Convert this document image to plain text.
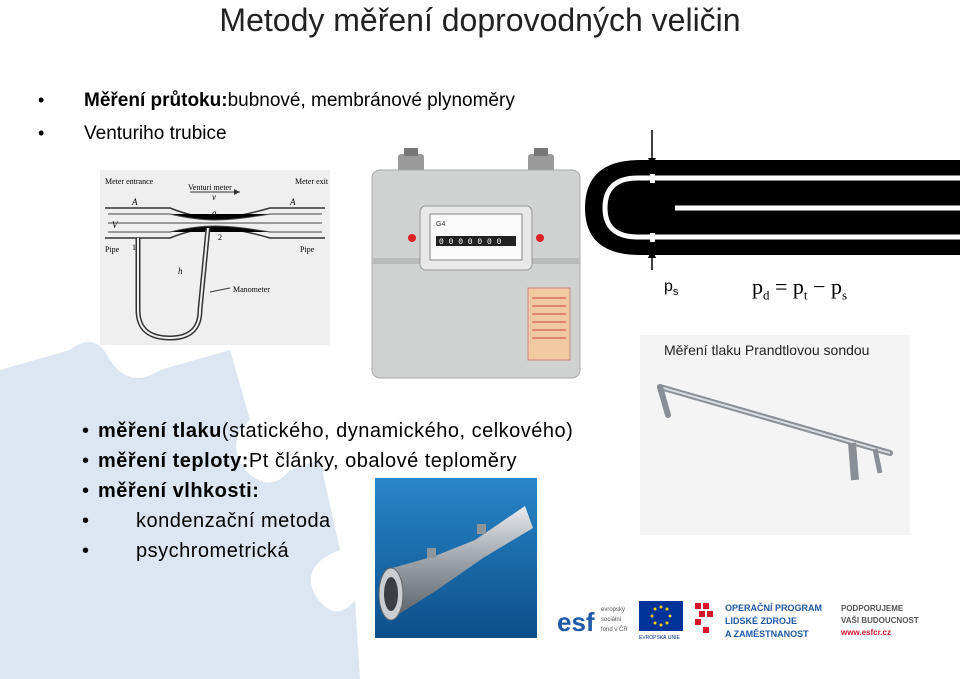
Metody měření doprovodných veličin
•	Měření průtoku: bubnové, membránové plynoměry
•	Venturiho trubice
Meter entrance
Venturi meter
Meter exit
Pipe	Pipe
Manometer
V
v
a
A	A
h
1
2
0 0 0 0 0 0 0
G4
$p_s$	$p_d = p_t - p_s$
Měření tlaku Prandtlovou sondou
• měření tlaku (statického, dynamického, celkového)
• měření teploty: Pt články, obalové teploměry
• měření vlhkosti:
•	kondenzační metoda
•	psychrometrická
esf evropský
sociální
fond v ČR
EVROPSKÁ UNIE
OPERAČNÍ PROGRAM
LIDSKÉ ZDROJE
A ZAMĚSTNANOST
PODPORUJEME
VAŠI BUDOUCNOST
www.esfcr.cz
